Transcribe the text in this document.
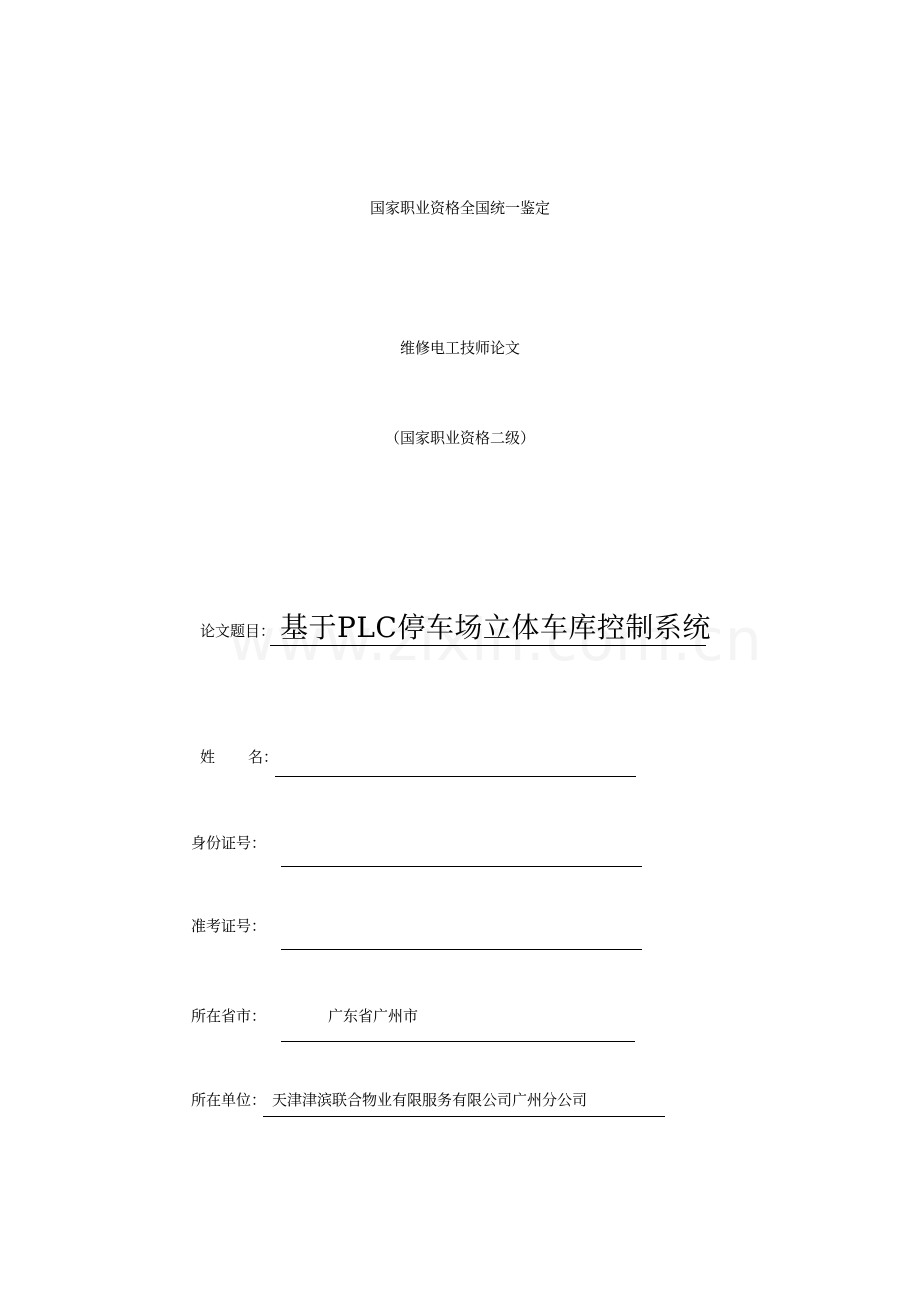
国家职业资格全国统一鉴定
维修电工技师论文
（国家职业资格二级）
论文题目： 基于PLC停车场立体车库控制系统
姓 名：
身份证号：
准考证号：
所在省市：	广东省广州市
所在单位： 天津津滨联合物业有限服务有限公司广州分公司
